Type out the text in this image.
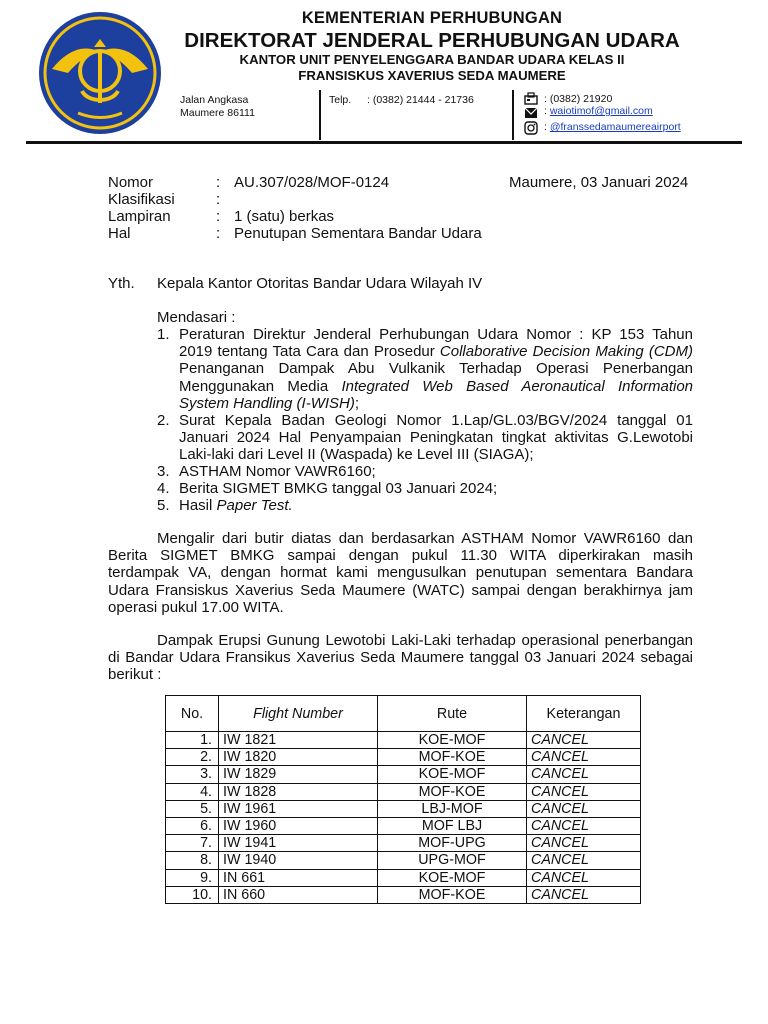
KEMENTERIAN PERHUBUNGAN
DIREKTORAT JENDERAL PERHUBUNGAN UDARA
KANTOR UNIT PENYELENGGARA BANDAR UDARA KELAS II
FRANSISKUS XAVERIUS SEDA MAUMERE
Jalan Angkasa
Maumere 86111
Telp. : (0382) 21444 - 21736	: (0382) 21920
: waiotimof@gmail.com
: @franssedamaumereairport
Nomor	: AU.307/028/MOF-0124	Maumere, 03 Januari 2024
Klasifikasi	:
Lampiran	: 1 (satu) berkas
Hal	: Penutupan Sementara Bandar Udara
Yth. Kepala Kantor Otoritas Bandar Udara Wilayah IV
Mendasari :
1. Peraturan Direktur Jenderal Perhubungan Udara Nomor : KP 153 Tahun
2019 tentang Tata Cara dan Prosedur Collaborative Decision Making (CDM)
Penanganan Dampak Abu Vulkanik Terhadap Operasi Penerbangan
Menggunakan Media Integrated Web Based Aeronautical Information
System Handling (I-WISH);
2. Surat Kepala Badan Geologi Nomor 1.Lap/GL.03/BGV/2024 tanggal 01
Januari 2024 Hal Penyampaian Peningkatan tingkat aktivitas G.Lewotobi
Laki-laki dari Level II (Waspada) ke Level III (SIAGA);
3. ASTHAM Nomor VAWR6160;
4. Berita SIGMET BMKG tanggal 03 Januari 2024;
5. Hasil Paper Test.
Mengalir dari butir diatas dan berdasarkan ASTHAM Nomor VAWR6160 dan
Berita SIGMET BMKG sampai dengan pukul 11.30 WITA diperkirakan masih
terdampak VA, dengan hormat kami mengusulkan penutupan sementara Bandara
Udara Fransiskus Xaverius Seda Maumere (WATC) sampai dengan berakhirnya jam
operasi pukul 17.00 WITA.
Dampak Erupsi Gunung Lewotobi Laki-Laki terhadap operasional penerbangan
di Bandar Udara Fransikus Xaverius Seda Maumere tanggal 03 Januari 2024 sebagai
berikut :
No.	Flight Number	Rute	Keterangan
1.	IW 1821	KOE-MOF	CANCEL
2.	IW 1820	MOF-KOE	CANCEL
3.	IW 1829	KOE-MOF	CANCEL
4.	IW 1828	MOF-KOE	CANCEL
5.	IW 1961	LBJ-MOF	CANCEL
6.	IW 1960	MOF LBJ	CANCEL
7.	IW 1941	MOF-UPG	CANCEL
8.	IW 1940	UPG-MOF	CANCEL
9.	IN 661	KOE-MOF	CANCEL
10.	IN 660	MOF-KOE	CANCEL
